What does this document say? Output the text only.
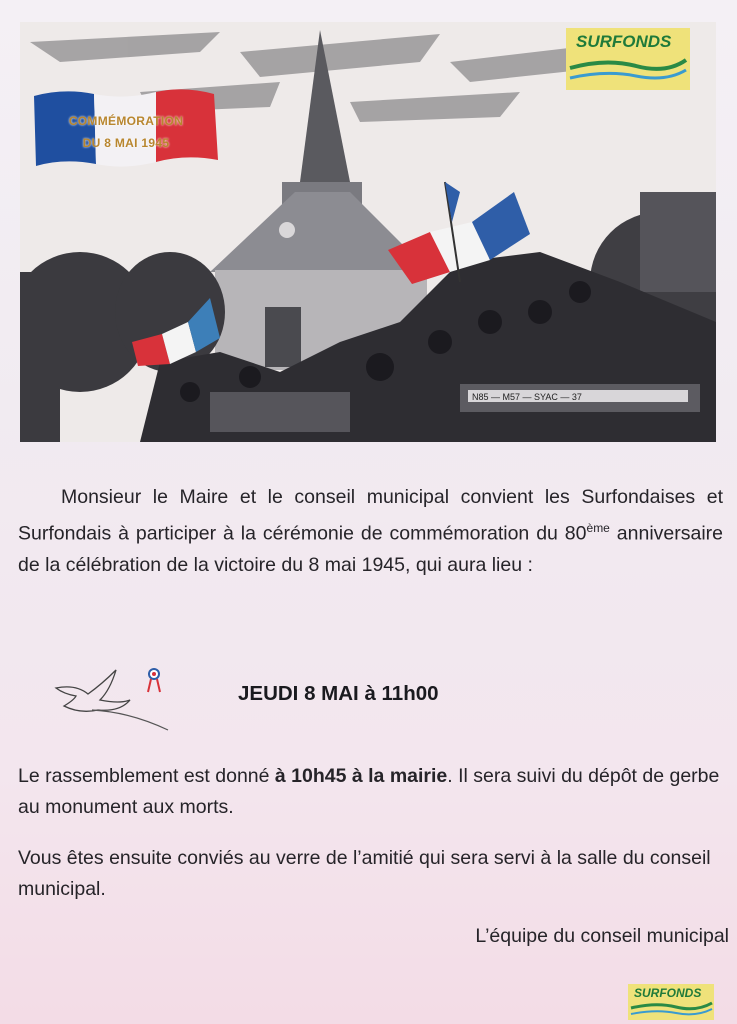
N85 — M57 — SYAC — 37
COMMÉMORATION
DU 8 MAI 1945
SURFONDS
Monsieur le Maire et le conseil municipal convient les Surfondaises et Surfondais à participer à la cérémonie de commémoration du 80ème anniversaire de la célébration de la victoire du 8 mai 1945, qui aura lieu :
JEUDI 8 MAI à 11h00
Le rassemblement est donné à 10h45 à la mairie. Il sera suivi du dépôt de gerbe au monument aux morts.
Vous êtes ensuite conviés au verre de l’amitié qui sera servi à la salle du conseil municipal.
L’équipe du conseil municipal
SURFONDS
